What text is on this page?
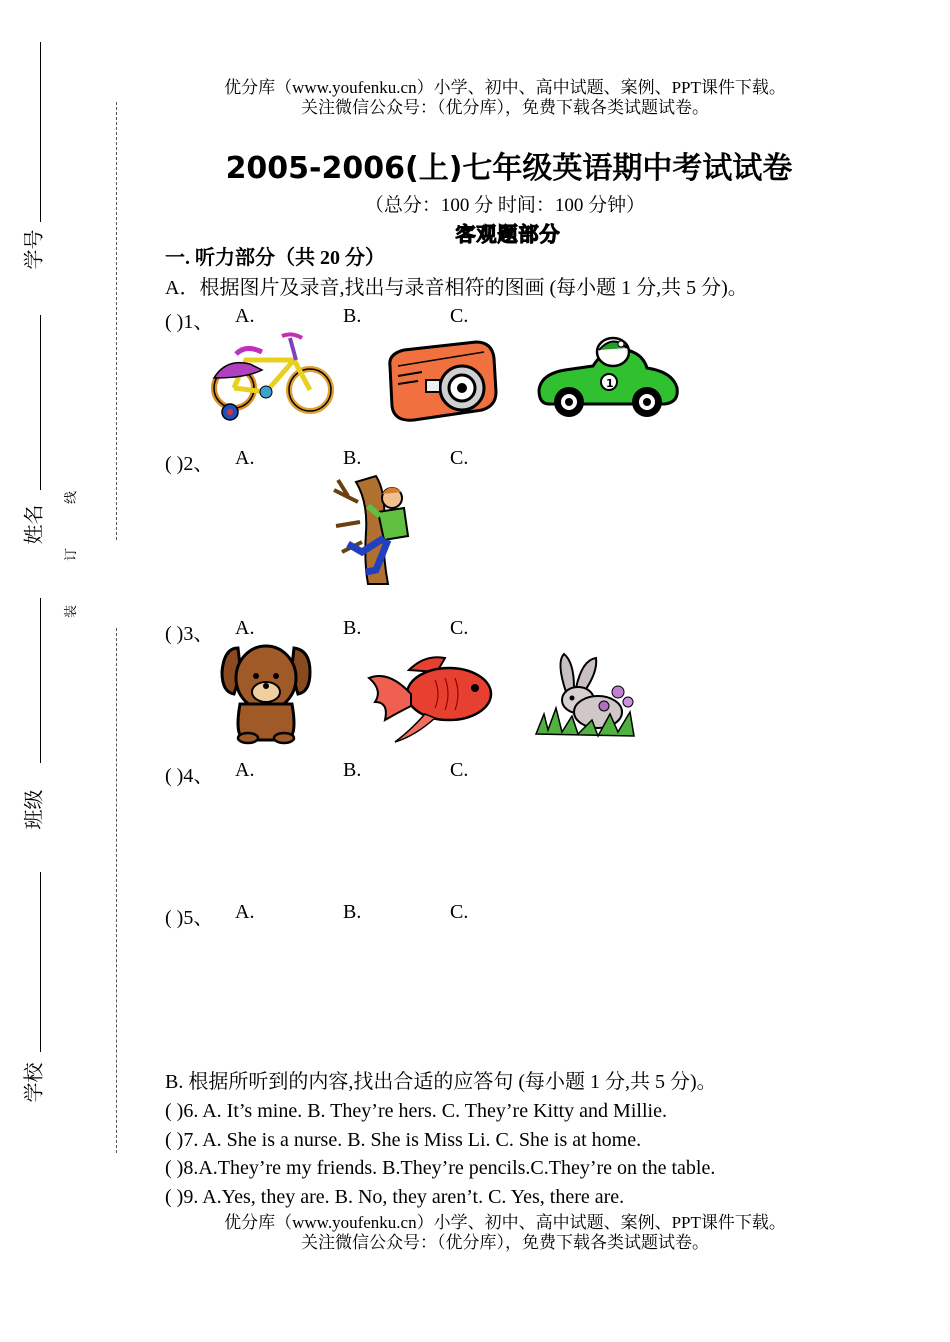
学号
姓名
班级
学校
线
订
装
优分库（www.youfenku.cn）小学、初中、高中试题、案例、PPT课件下载。
关注微信公众号：（优分库），免费下载各类试题试卷。
2005-2006(上)七年级英语期中考试试卷
（总分：100 分 时间：100 分钟）
客观题部分
一. 听力部分（共 20 分）
A．根据图片及录音,找出与录音相符的图画 (每小题 1 分,共 5 分)。
( )1、 A.	B.	C.
( )2、 A.	B.	C.
( )3、 A.	B.	C.
( )4、 A.	B.	C.
( )5、 A.	B.	C.
1
B. 根据所听到的内容,找出合适的应答句 (每小题 1 分,共 5 分)。
( )6. A. It’s mine. B. They’re hers. C. They’re Kitty and Millie.
( )7. A. She is a nurse. B. She is Miss Li. C. She is at home.
( )8.A.They’re my friends. B.They’re pencils.C.They’re on the table.
( )9. A.Yes, they are. B. No, they aren’t. C. Yes, there are.
优分库（www.youfenku.cn）小学、初中、高中试题、案例、PPT课件下载。
关注微信公众号：（优分库），免费下载各类试题试卷。
